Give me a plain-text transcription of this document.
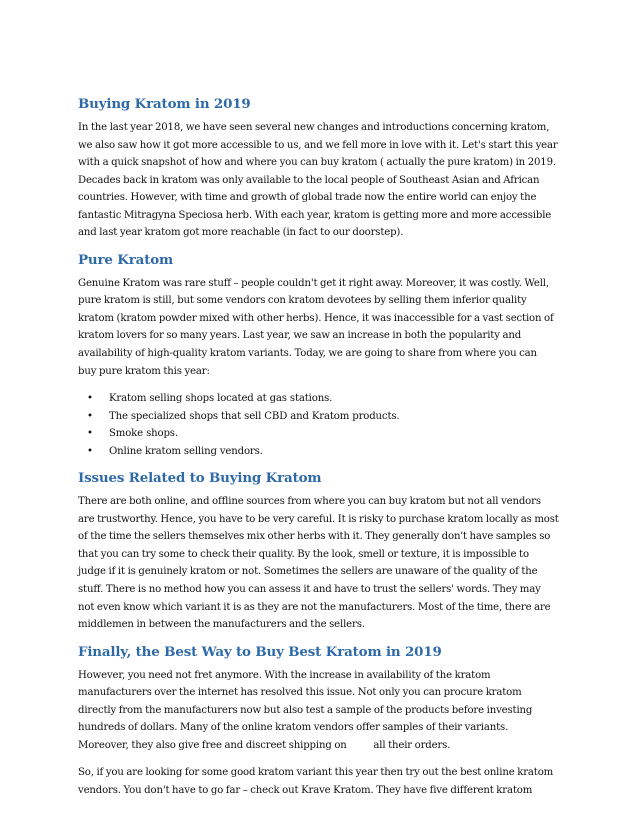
Buying Kratom in 2019

In the last year 2018, we have seen several new changes and introductions concerning kratom,
we also saw how it got more accessible to us, and we fell more in love with it. Let's start this year
with a quick snapshot of how and where you can buy kratom ( actually the pure kratom) in 2019.
Decades back in kratom was only available to the local people of Southeast Asian and African
countries. However, with time and growth of global trade now the entire world can enjoy the
fantastic Mitragyna Speciosa herb. With each year, kratom is getting more and more accessible
and last year kratom got more reachable (in fact to our doorstep).

Pure Kratom

Genuine Kratom was rare stuff – people couldn't get it right away. Moreover, it was costly. Well,
pure kratom is still, but some vendors con kratom devotees by selling them inferior quality
kratom (kratom powder mixed with other herbs). Hence, it was inaccessible for a vast section of
kratom lovers for so many years. Last year, we saw an increase in both the popularity and
availability of high-quality kratom variants. Today, we are going to share from where you can
buy pure kratom this year:

•	Kratom selling shops located at gas stations.
•	The specialized shops that sell CBD and Kratom products.
•	Smoke shops.
•	Online kratom selling vendors.
Issues Related to Buying Kratom

There are both online, and offline sources from where you can buy kratom but not all vendors
are trustworthy. Hence, you have to be very careful. It is risky to purchase kratom locally as most
of the time the sellers themselves mix other herbs with it. They generally don't have samples so
that you can try some to check their quality. By the look, smell or texture, it is impossible to
judge if it is genuinely kratom or not. Sometimes the sellers are unaware of the quality of the
stuff. There is no method how you can assess it and have to trust the sellers' words. They may
not even know which variant it is as they are not the manufacturers. Most of the time, there are
middlemen in between the manufacturers and the sellers.

Finally, the Best Way to Buy Best Kratom in 2019

However, you need not fret anymore. With the increase in availability of the kratom
manufacturers over the internet has resolved this issue. Not only you can procure kratom
directly from the manufacturers now but also test a sample of the products before investing
hundreds of dollars. Many of the online kratom vendors offer samples of their variants.
Moreover, they also give free and discreet shipping on          all their orders.

So, if you are looking for some good kratom variant this year then try out the best online kratom
vendors. You don't have to go far – check out Krave Kratom. They have five different kratom
